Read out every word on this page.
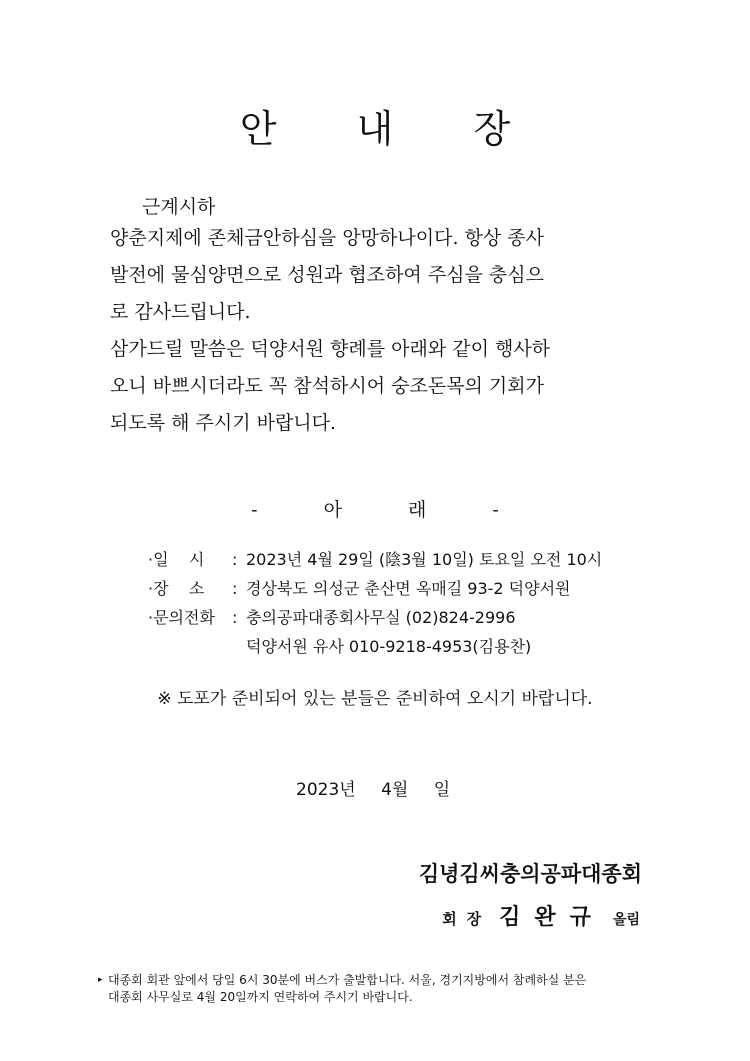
안 내 장
근계시하

양춘지제에 존체금안하심을 앙망하나이다. 항상 종사
발전에 물심양면으로 성원과 협조하여 주심을 충심으
로 감사드립니다.

삼가드릴 말씀은 덕양서원 향례를 아래와 같이 행사하
오니 바쁘시더라도 꼭 참석하시어 숭조돈목의 기회가
되도록 해 주시기 바랍니다.

-	아	래	-
·일    시	: 2023년 4월 29일 (陰3월 10일) 토요일 오전 10시
·장    소	: 경상북도 의성군 춘산면 옥매길 93-2 덕양서원
·문의전화	: 충의공파대종회사무실 (02)824-2996
덕양서원 유사 010-9218-4953(김용찬)
※ 도포가 준비되어 있는 분들은 준비하여 오시기 바랍니다.
2023년 4월 일
김녕김씨충의공파대종회
회장 김완규 올림
▸ 대종회 회관 앞에서 당일 6시 30분에 버스가 출발합니다. 서울, 경기지방에서 참례하실 분은
대종회 사무실로 4월 20일까지 연락하여 주시기 바랍니다.
